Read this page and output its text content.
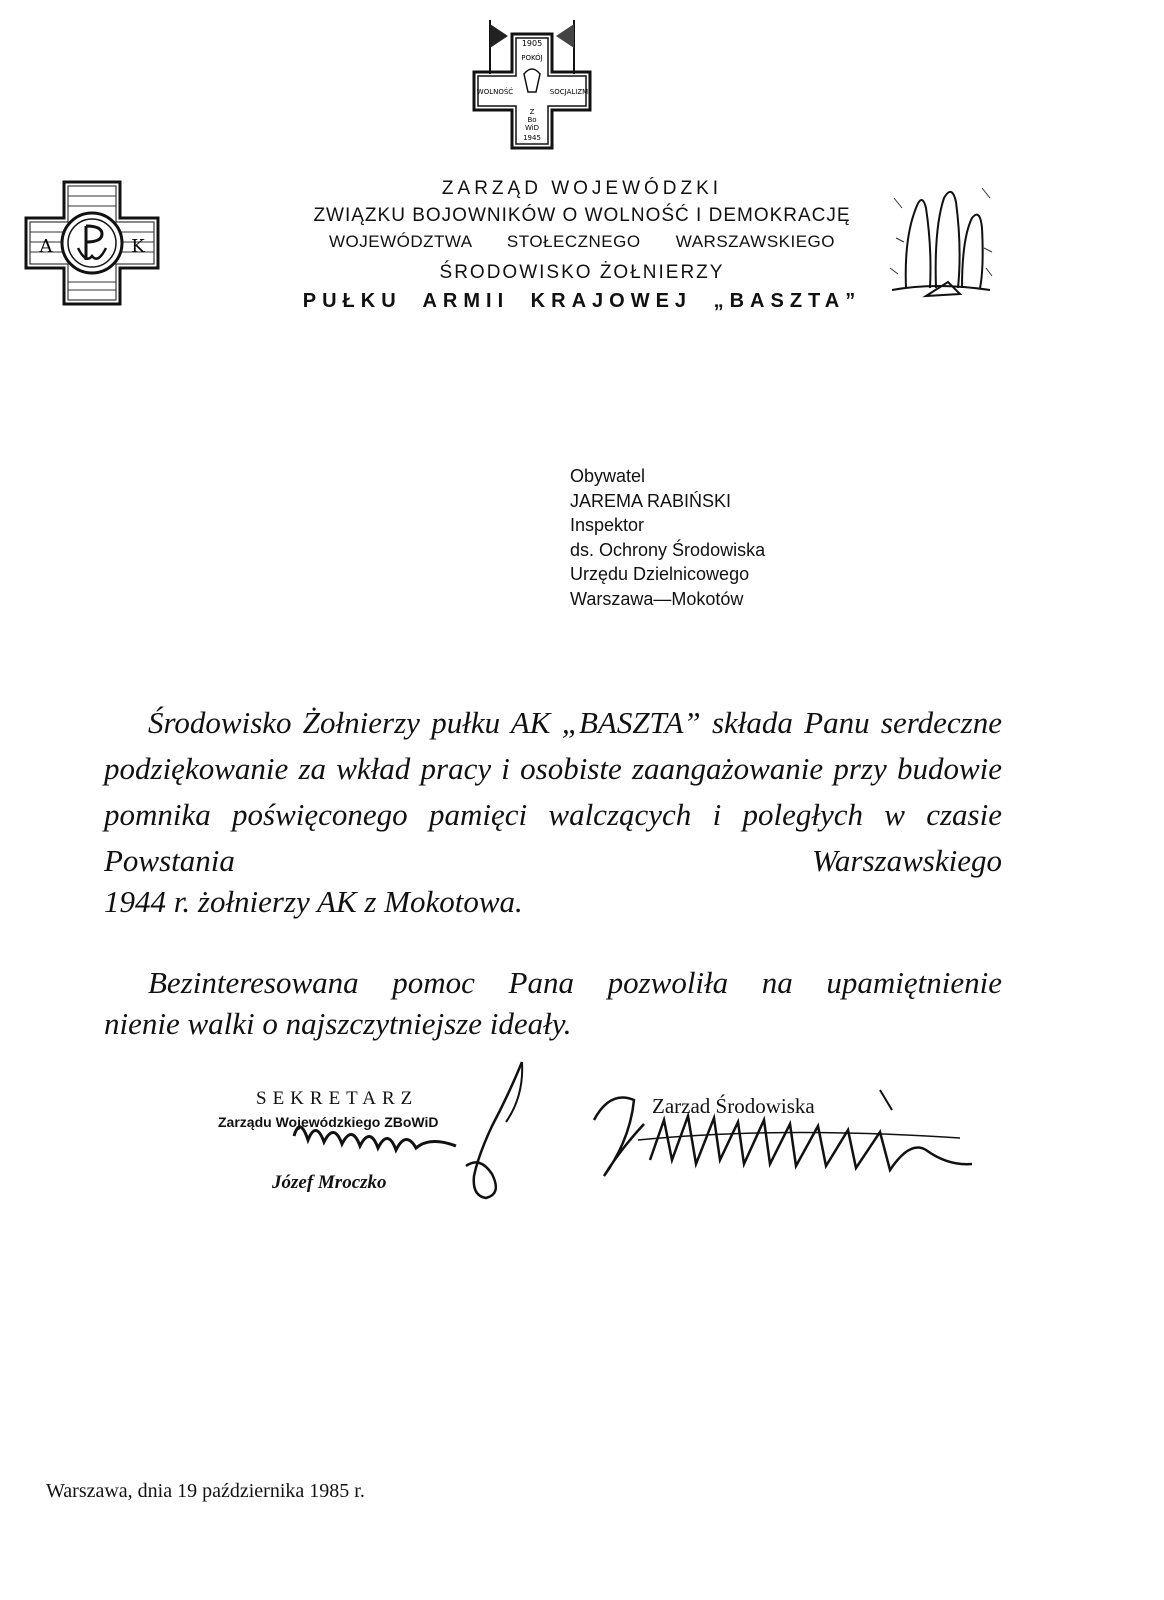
1905
POKÓJ
WOLNOŚĆ	SOCJALIZM
Z
Bo
WiD
1945
A	K
ZARZĄD WOJEWÓDZKI
ZWIĄZKU BOJOWNIKÓW O WOLNOŚĆ I DEMOKRACJĘ
WOJEWÓDZTWA STOŁECZNEGO WARSZAWSKIEGO
ŚRODOWISKO ŻOŁNIERZY
PUŁKU ARMII KRAJOWEJ „BASZTA”
Obywatel
JAREMA RABIŃSKI
Inspektor
ds. Ochrony Środowiska
Urzędu Dzielnicowego
Warszawa—Mokotów
Środowisko Żołnierzy pułku AK „BASZTA” składa Panu serdeczne podziękowanie za wkład pracy i osobiste zaangażowanie przy budowie pomnika poświęconego pamięci walczących i poległych w czasie Powstania Warszawskiego
1944 r. żołnierzy AK z Mokotowa.
Bezinteresowana pomoc Pana pozwoliła na upamiętnienie
nienie walki o najszczytniejsze ideały.
SEKRETARZ
Zarządu Wojewódzkiego ZBoWiD
Józef Mroczko
Zarzad Środowiska
Warszawa, dnia 19 października 1985 r.
